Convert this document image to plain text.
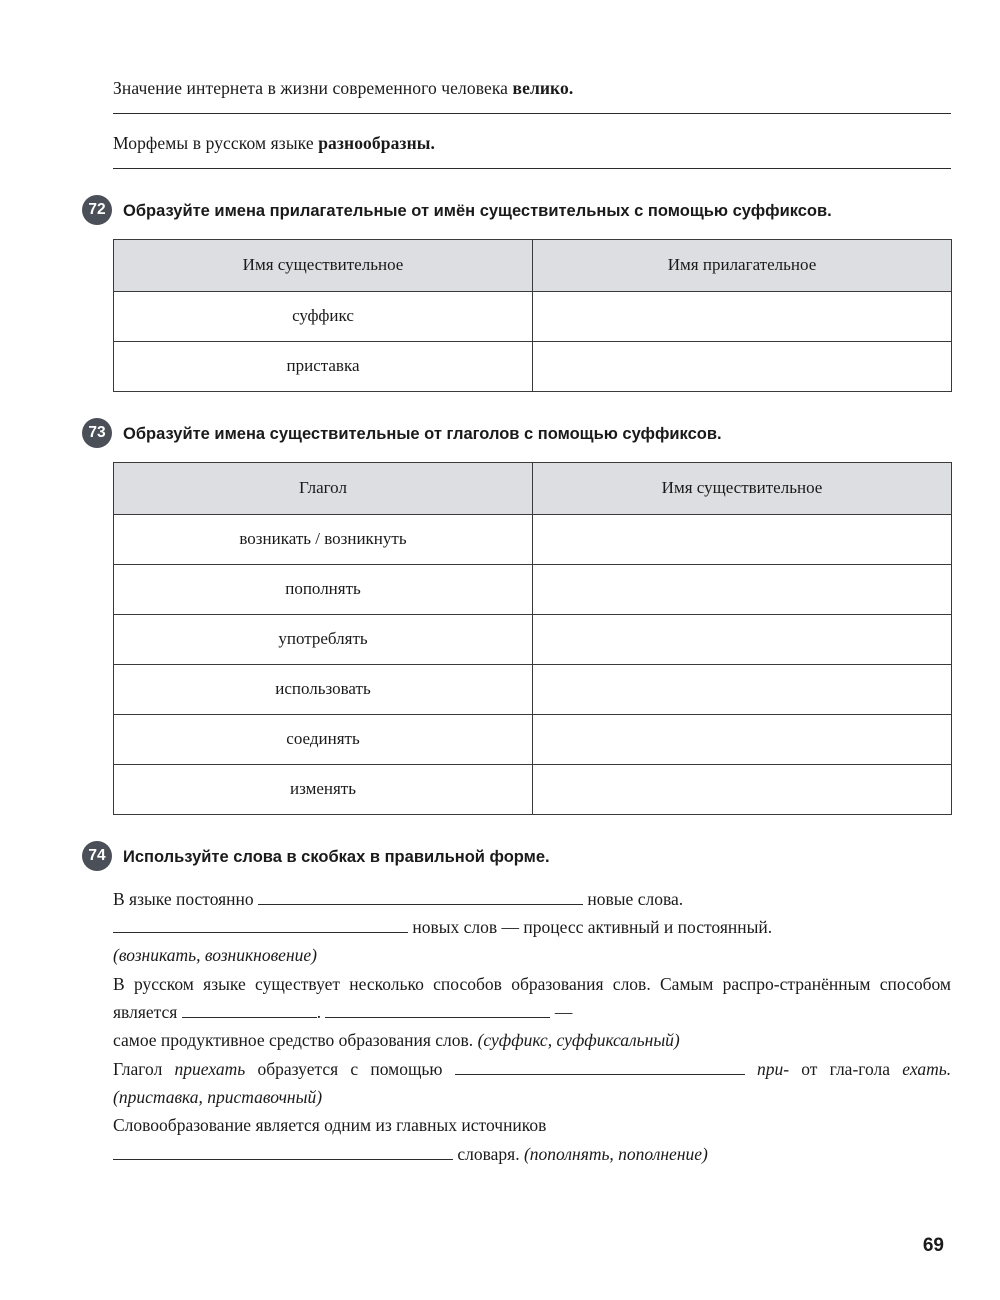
Значение интернета в жизни современного человека велико.

Морфемы в русском языке разнообразны.

72	Образуйте имена прилагательные от имён существительных с помощью суффиксов.
Имя существительное	Имя прилагательное
суффикс	
приставка	
73	Образуйте имена существительные от глаголов с помощью суффиксов.
Глагол	Имя существительное
возникать / возникнуть	
пополнять	
употреблять	
использовать	
соединять	
изменять	
74	Используйте слова в скобках в правильной форме.

В языке постоянно	новые слова.
новых слов — процесс активный и постоянный.
(возникать, возникновение)

В русском языке существует несколько способов образования слов. Самым распро-странённым способом является	.	—
самое продуктивное средство образования слов. (суффикс, суффиксальный)

Глагол приехать образуется с помощью	при- от гла-гола ехать. (приставка, приставочный)

Словообразование является одним из главных источников
словаря. (пополнять, пополнение)

69
